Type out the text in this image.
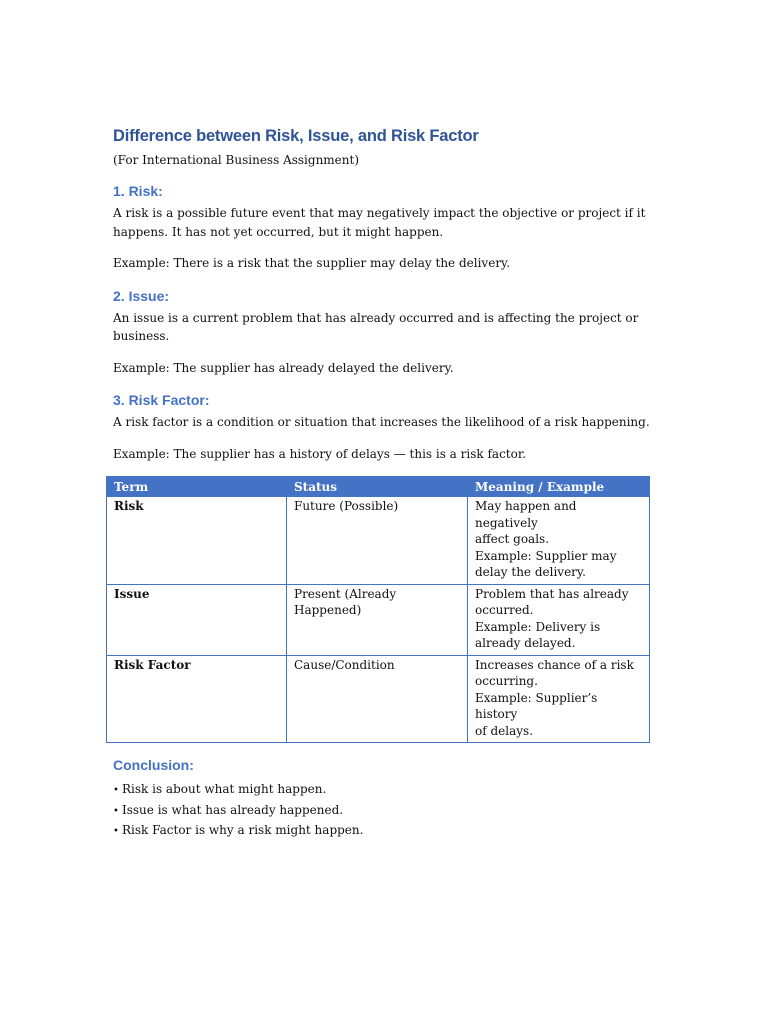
Difference between Risk, Issue, and Risk Factor

(For International Business Assignment)

1. Risk:

A risk is a possible future event that may negatively impact the objective or project if it
happens. It has not yet occurred, but it might happen.

Example: There is a risk that the supplier may delay the delivery.

2. Issue:

An issue is a current problem that has already occurred and is affecting the project or
business.

Example: The supplier has already delayed the delivery.

3. Risk Factor:

A risk factor is a condition or situation that increases the likelihood of a risk happening.

Example: The supplier has a history of delays — this is a risk factor.

Term	Status	Meaning / Example
Risk	Future (Possible)	May happen and negatively
affect goals.
Example: Supplier may
delay the delivery.

Issue	Present (Already
Happened)	Problem that has already
occurred.
Example: Delivery is
already delayed.

Risk Factor	Cause/Condition	Increases chance of a risk
occurring.
Example: Supplier’s history
of delays.
Conclusion:
• Risk is about what might happen.
• Issue is what has already happened.
• Risk Factor is why a risk might happen.
